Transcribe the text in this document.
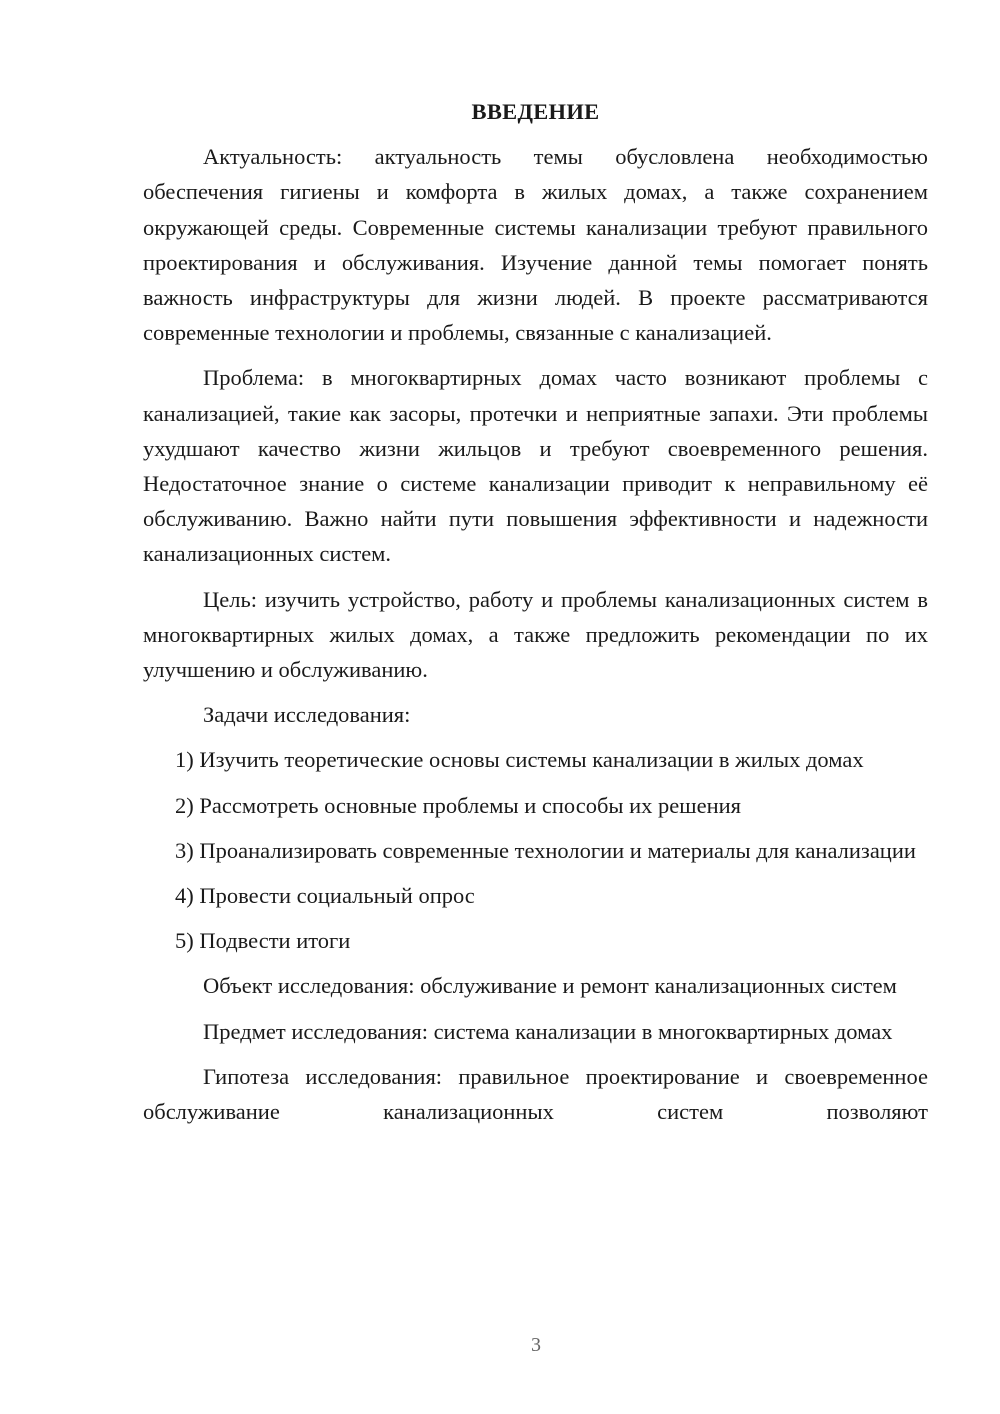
ВВЕДЕНИЕ

Актуальность: актуальность темы обусловлена необходимостью обеспечения гигиены и комфорта в жилых домах, а также сохранением окружающей среды. Современные системы канализации требуют правильного проектирования и обслуживания. Изучение данной темы помогает понять важность инфраструктуры для жизни людей. В проекте рассматриваются современные технологии и проблемы, связанные с канализацией.

Проблема: в многоквартирных домах часто возникают проблемы с канализацией, такие как засоры, протечки и неприятные запахи. Эти проблемы ухудшают качество жизни жильцов и требуют своевременного решения. Недостаточное знание о системе канализации приводит к неправильному её обслуживанию. Важно найти пути повышения эффективности и надежности канализационных систем.

Цель: изучить устройство, работу и проблемы канализационных систем в многоквартирных жилых домах, а также предложить рекомендации по их улучшению и обслуживанию.

Задачи исследования:

1) Изучить теоретические основы системы канализации в жилых домах

2) Рассмотреть основные проблемы и способы их решения

3) Проанализировать современные технологии и материалы для канализации

4) Провести социальный опрос

5) Подвести итоги

Объект исследования: обслуживание и ремонт канализационных систем

Предмет исследования: система канализации в многоквартирных домах

Гипотеза исследования: правильное проектирование и своевременное обслуживание канализационных систем позволяют

3
